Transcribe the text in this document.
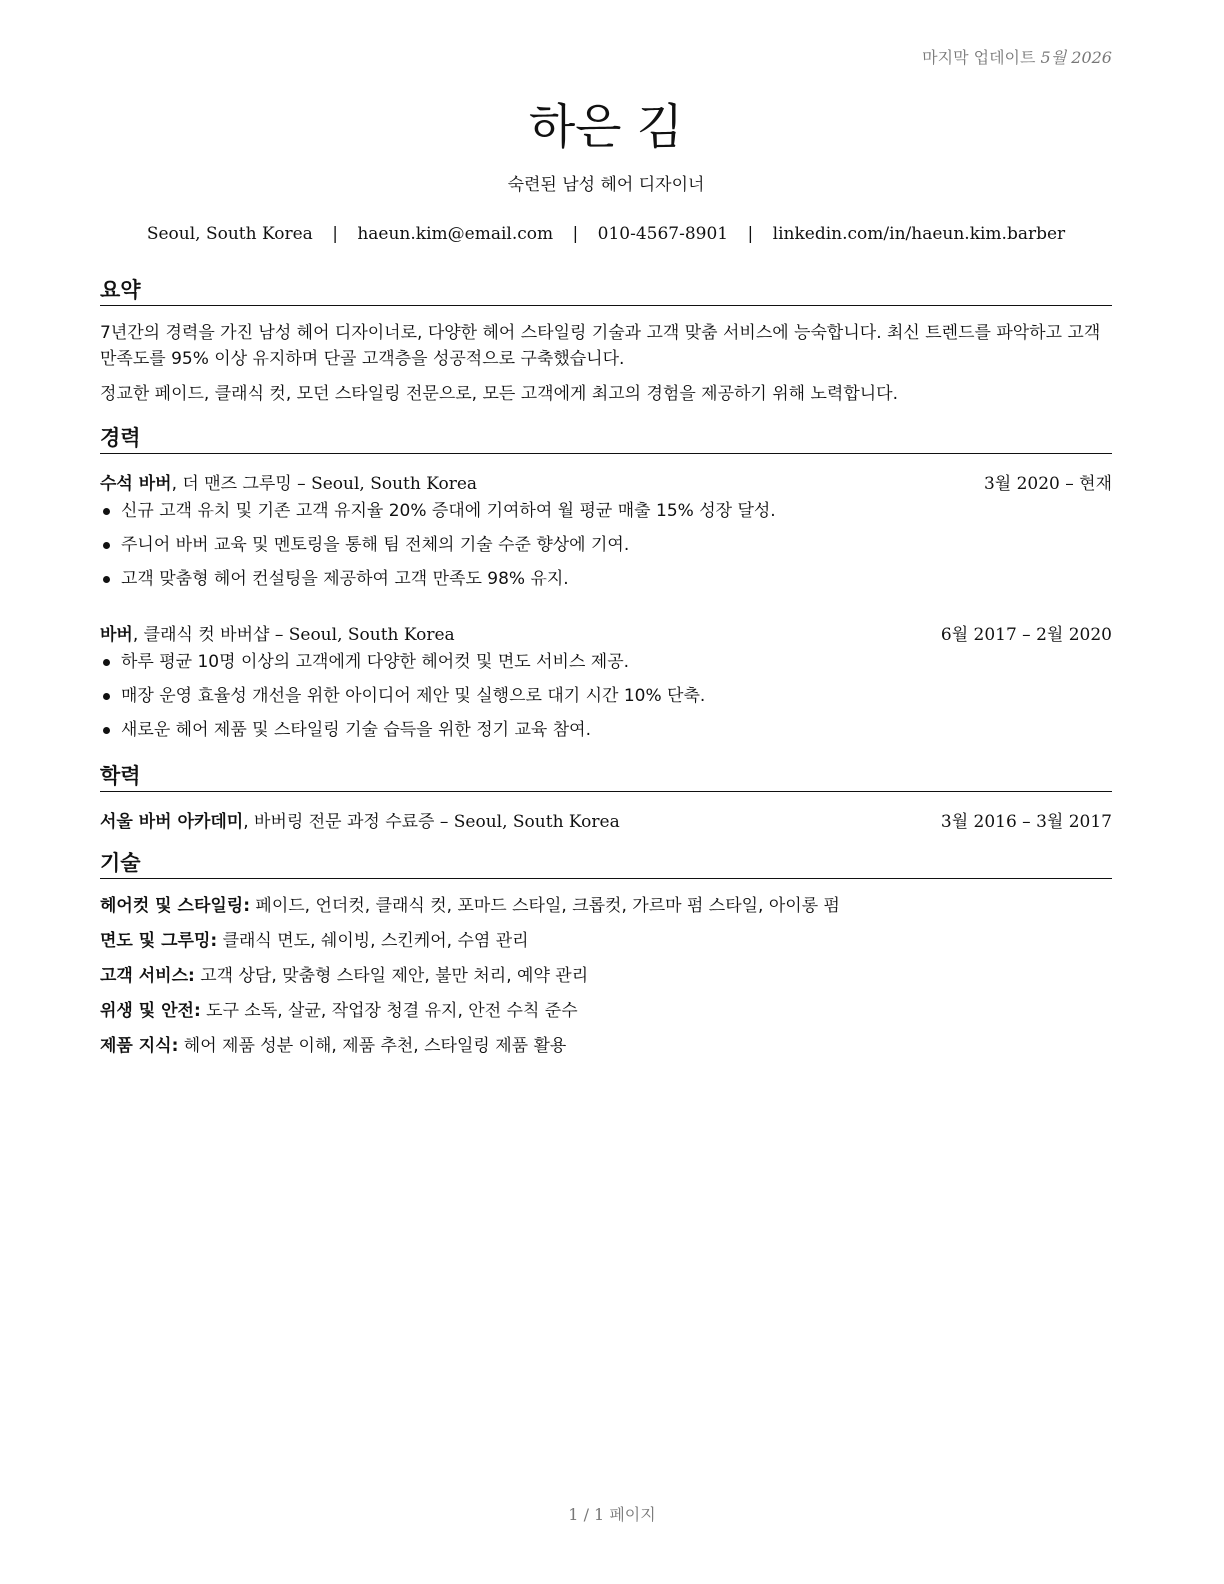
마지막 업데이트 5월 2026
하은 김
숙련된 남성 헤어 디자이너
Seoul, South Korea | haeun.kim@email.com | 010-4567-8901 | linkedin.com/in/haeun.kim.barber
요약
7년간의 경력을 가진 남성 헤어 디자이너로, 다양한 헤어 스타일링 기술과 고객 맞춤 서비스에 능숙합니다. 최신 트렌드를 파악하고 고객 만족도를 95% 이상 유지하며 단골 고객층을 성공적으로 구축했습니다.
정교한 페이드, 클래식 컷, 모던 스타일링 전문으로, 모든 고객에게 최고의 경험을 제공하기 위해 노력합니다.
경력
수석 바버, 더 맨즈 그루밍 – Seoul, South Korea	3월 2020 – 현재
신규 고객 유치 및 기존 고객 유지율 20% 증대에 기여하여 월 평균 매출 15% 성장 달성.
주니어 바버 교육 및 멘토링을 통해 팀 전체의 기술 수준 향상에 기여.
고객 맞춤형 헤어 컨설팅을 제공하여 고객 만족도 98% 유지.
바버, 클래식 컷 바버샵 – Seoul, South Korea	6월 2017 – 2월 2020
하루 평균 10명 이상의 고객에게 다양한 헤어컷 및 면도 서비스 제공.
매장 운영 효율성 개선을 위한 아이디어 제안 및 실행으로 대기 시간 10% 단축.
새로운 헤어 제품 및 스타일링 기술 습득을 위한 정기 교육 참여.
학력
서울 바버 아카데미, 바버링 전문 과정 수료증 – Seoul, South Korea	3월 2016 – 3월 2017
기술
헤어컷 및 스타일링: 페이드, 언더컷, 클래식 컷, 포마드 스타일, 크롭컷, 가르마 펌 스타일, 아이롱 펌
면도 및 그루밍: 클래식 면도, 쉐이빙, 스킨케어, 수염 관리
고객 서비스: 고객 상담, 맞춤형 스타일 제안, 불만 처리, 예약 관리
위생 및 안전: 도구 소독, 살균, 작업장 청결 유지, 안전 수칙 준수
제품 지식: 헤어 제품 성분 이해, 제품 추천, 스타일링 제품 활용
1 / 1 페이지
